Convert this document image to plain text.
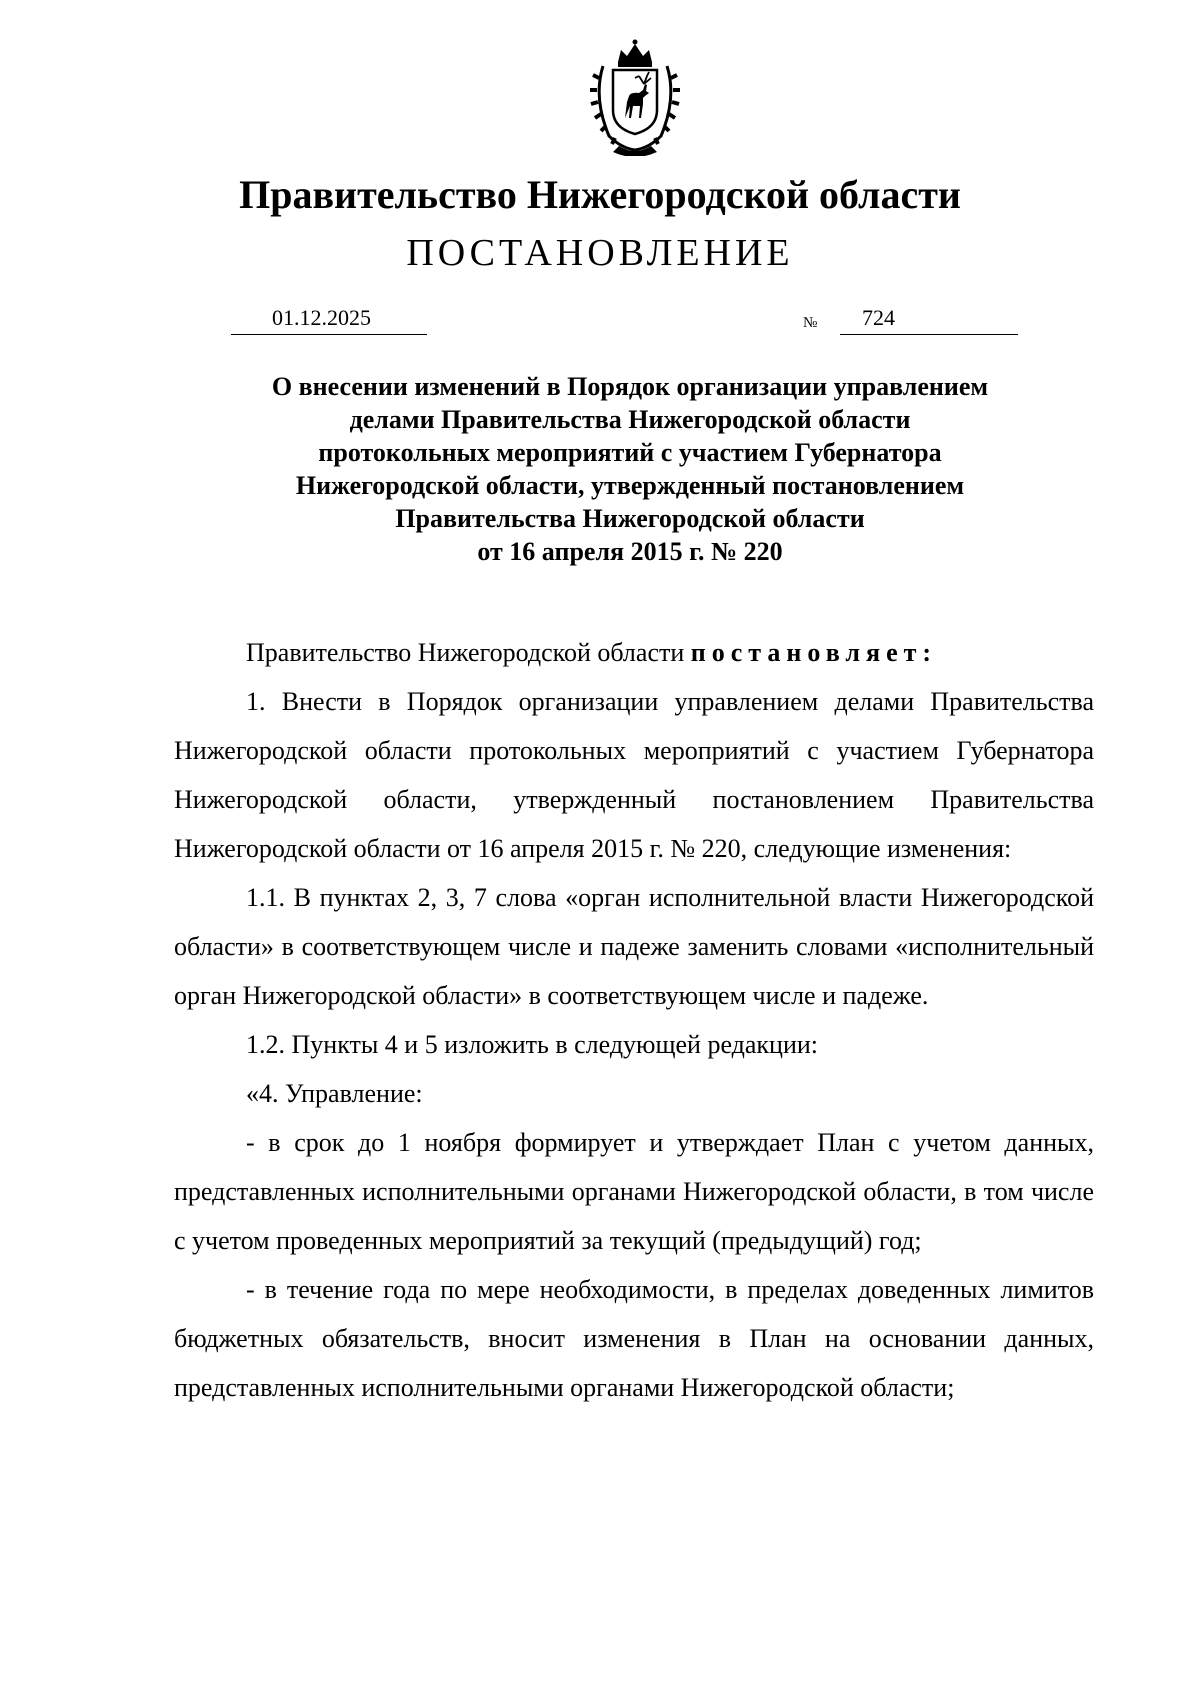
Правительство Нижегородской области
ПОСТАНОВЛЕНИЕ
01.12.2025	№ 724
О внесении изменений в Порядок организации управлением
делами Правительства Нижегородской области
протокольных мероприятий с участием Губернатора
Нижегородской области, утвержденный постановлением
Правительства Нижегородской области
от 16 апреля 2015 г. № 220

Правительство Нижегородской области постановляет:

1. Внести в Порядок организации управлением делами Правительства Нижегородской области протокольных мероприятий с участием Губернатора Нижегородской области, утвержденный постановлением Правительства Нижегородской области от 16 апреля 2015 г. № 220, следующие изменения:

1.1. В пунктах 2, 3, 7 слова «орган исполнительной власти Нижегородской области» в соответствующем числе и падеже заменить словами «исполнительный орган Нижегородской области» в соответствующем числе и падеже.

1.2. Пункты 4 и 5 изложить в следующей редакции:

«4. Управление:

- в срок до 1 ноября формирует и утверждает План с учетом данных, представленных исполнительными органами Нижегородской области, в том числе с учетом проведенных мероприятий за текущий (предыдущий) год;

- в течение года по мере необходимости, в пределах доведенных лимитов бюджетных обязательств, вносит изменения в План на основании данных, представленных исполнительными органами Нижегородской области;
